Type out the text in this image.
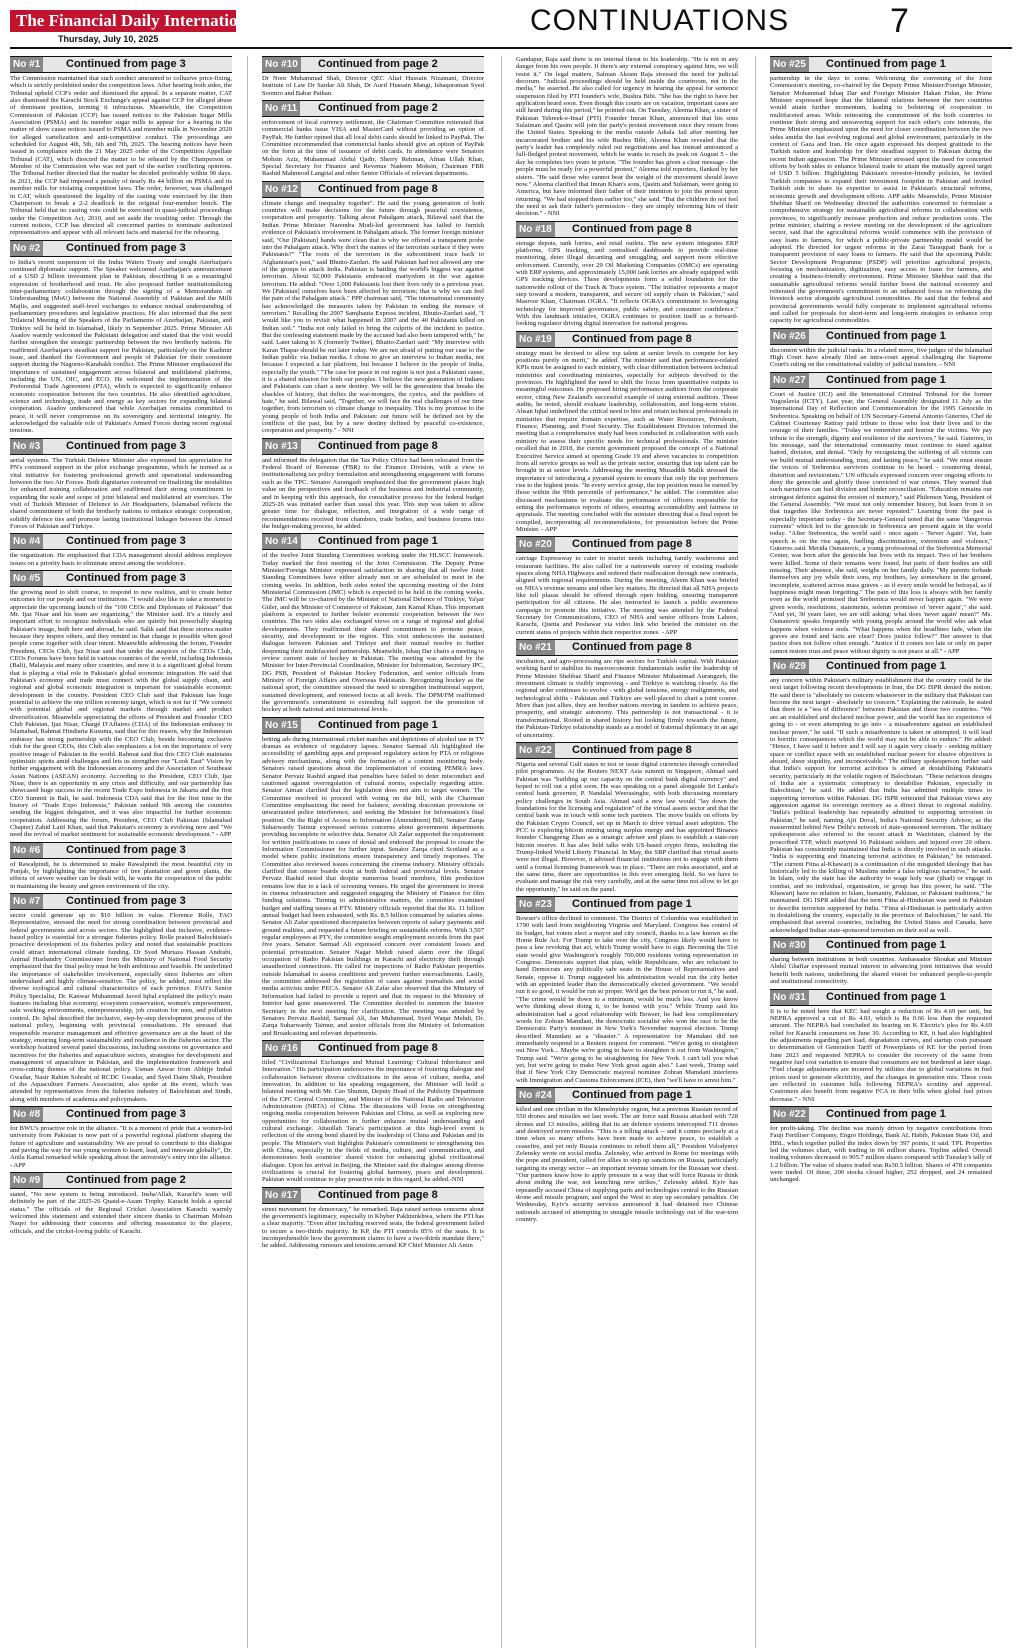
The Financial Daily International
Thursday, July 10, 2025
CONTINUATIONS	7
No #1 Continued from page 3
The Commission maintained that such conduct amounted to collusive price-fixing, which is strictly prohibited under the competition laws. After hearing both sides, the Tribunal upheld CCP's order and dismissed the appeal. In a separate matter, CAT also dismissed the Karachi Stock Exchange's appeal against CCP for alleged abuse of dominant position, terming it infructuous. Meanwhile, the Competition Commission of Pakistan (CCP) has issued notices to the Pakistan Sugar Mills Association (PSMA) and its member sugar mills to appear for a hearing in the matter of show cause notices issued to PSMA and member mills in November 2020 for alleged cartelization and anti-competitive conduct. The proceedings are scheduled for August 4th, 5th, 6th and 7th, 2025. The hearing notices have been issued in compliance with the 21 May 2025 order of the Competition Appellate Tribunal (CAT), which directed the matter to be reheard by the Chairperson or Member of the Commission who was not part of the earlier conflicting opinions. The Tribunal further directed that the matter be decided preferably within 90 days. In 2021, the CCP had imposed a penalty of nearly Rs 44 billion on PSMA and its member mills for violating competition laws. The order, however, was challenged in CAT, which questioned the legality of the casting vote exercised by the then Chairperson to break a 2-2 deadlock in the original four-member bench. The Tribunal held that no casting vote could be exercised in quasi-judicial proceedings under the Competition Act, 2010, and set aside the resulting order. Through the current notices, CCP has directed all concerned parties to nominate authorized representatives and appear with all relevant facts and material for the rehearing.
No #2 Continued from page 3
to India's recent suspension of the Indus Waters Treaty and sought Azerbaijan's continued diplomatic support. The Speaker welcomed Azerbaijan's announcement of a USD 2 billion investment plan in Pakistan, describing it as a meaningful expression of brotherhood and trust. He also proposed further institutionalizing inter-parliamentary collaboration through the signing of a Memorandum of Understanding (MoU) between the National Assembly of Pakistan and the Milli Majlis, and suggested staff-level exchanges to enhance mutual understanding of parliamentary procedures and legislative practices. He also informed that the next Trilateral Meeting of the Speakers of the Parliaments of Azerbaijan, Pakistan, and Türkiye will be held in Islamabad, likely in September 2025. Prime Minister Ali Asadov warmly welcomed the Pakistani delegation and stated that the visit would further strengthen the strategic partnership between the two brotherly nations. He reaffirmed Azerbaijan's steadfast support for Pakistan, particularly on the Kashmir issue, and thanked the Government and people of Pakistan for their consistent support during the Nagorno-Karabakh conflict. The Prime Minister emphasized the importance of sustained engagement across bilateral and multilateral platforms, including the UN, OIC, and ECO. He welcomed the implementation of the Preferential Trade Agreement (PTA), which is expected to significantly enhance economic cooperation between the two countries. He also identified agriculture, science and technology, trade and energy as key sectors for expanding bilateral cooperation. Asadov underscored that while Azerbaijan remains committed to peace, it will never compromise on its sovereignty and territorial integrity. He acknowledged the valuable role of Pakistan's Armed Forces during recent regional tensions.
No #3 Continued from page 3
aerial systems. The Turkish Defence Minister also expressed his appreciation for PN's continued support in the pilot exchange programme, which he termed as a vital initiative for fostering professional growth and operational understanding between the two Air Forces. Both dignitaries concurred on finalizing the modalities for enhanced training collaboration and reaffirmed their strong commitment to expanding the scale and scope of joint bilateral and multilateral air exercises. The visit of Turkish Minister of Defence to Air Headquarters, Islamabad reflects the shared commitment of both the brotherly nations to enhance strategic cooperation, solidify defence ties and promote lasting institutional linkages between the Armed Forces of Pakistan and Türkiye.
No #4 Continued from page 3
the organization. He emphasized that CDA management should address employee issues on a priority basis to eliminate unrest among the workforce.
No #5 Continued from page 3
the growing need to shift course, to respond to new realities, and to create better outcomes for our people and our institutions. "I would also like to take a moment to appreciate the upcoming launch of the "100 CEOs and Diplomats of Pakistan" that Mr. Ijaz Nisar and his team are organizing," the Minister said. It's a timely and important effort to recognize individuals who are quietly but powerfully shaping Pakistan's image, both here and abroad, he said. Salik said that these stories matter because they inspire others, and they remind us that change is possible when good people come together with clear intent. Meanwhile addressing the forum, Founder President, CEOs Club, Ijaz Nisar said that under the auspices of the CEOs Club, CEOs Forums have been held in various countries of the world, including Indonesia (Bali), Malaysia and many other countries, and now it is a significant global forum that is playing a vital role in Pakistan's global economic integration. He said that Pakistan's economy and trade must connect with the global supply chain, and regional and global economic integration is important for sustainable economic development in the country. President CEO Club said that Pakistan has huge potential to achieve the one trillion economy target, which is not far if "We connect with potential global and regional markets through market and product diversification. Meanwhile appreciating the efforts of President and Founder CEO Club Pakistan, Ijaz Nisar, Chargé D'Affaires (CDA) of the Indonesian embassy in Islamabad, Rahmat Hindiarta Kusuma, said that for this reason, why the Indonesian embassy has strong partnership with the CEO Club, beside becoming exclusive club for the great CEOs, this Club also emphasizes a lot on the importance of very positive image of Pakistan in the world. Rahmat said that this CEO Club maintains optimistic spirits amid challenges and lets us strengthen our "Look East" Vision by further engagement with the Indonesian economy and the Association of Southeast Asian Nations (ASEAN) economy. According to the President, CEO Club, Ijaz Nisar, there is an opportunity in any crisis and difficulty, and our partnership has showcased huge success in the recent Trade Expo Indonesia in Jakarta and the first CEO Summit in Bali, he said. Indonesia CDA said that for the first time in the history of "Trade Expo Indonesia," Pakistan ranked 9th among the countries sending the biggest delegation, and it was also impactful for further economic cooperation. Addressing the forum, President, CEO Club Pakistan (Islamabad Chapter) Zahid Latif Khan, said that Pakistan's economy is evolving now and "We need the revival of market sentiment for sustainable economic development." - APP
No #6 Continued from page 3
of Rawalpindi, he is determined to make Rawalpindi the most beautiful city in Punjab, by highlighting the importance of tree plantation and green plants, the effects of severe weather can be dealt with, he wants the cooperation of the public in maintaining the beauty and green environment of the city.
No #7 Continued from page 3
sector could generate up to $10 billion in value. Florence Rolle, FAO Representative, stressed the need for strong coordination between provincial and federal governments and across sectors. She highlighted that inclusive, evidence-based policy is essential for a stronger fisheries policy. Rolle praised Balochistan's proactive development of its fisheries policy and noted that sustainable practices could attract international climate funding. Dr Syed Murtaza Hassan Andrabi, Animal Husbandry Commissioner from the Ministry of National Food Security emphasized that the final policy must be both ambitious and feasible. He underlined the importance of stakeholder involvement, especially since fisheries are often undervalued and highly climate-sensitive. The policy, he added, must reflect the diverse ecological and cultural characteristics of each province. FAO's Senior Policy Specialist, Dr. Kanwar Muhammad Javed Iqbal explained the policy's main features including blue economy, ecosystem conservation, women's empowerment, safe working environments, entrepreneurship, job creation for men, and pollution control. Dr. Iqbal described the inclusive, step-by-step development process of the national policy, beginning with provincial consultations. He stressed that responsible resource management and effective governance are at the heart of the strategy, ensuring long-term sustainability and resilience in the fisheries sector. The workshop featured several panel discussions, including sessions on governance and incentives for the fisheries and aquaculture sectors, strategies for development and management of aquaculture in Pakistan, and the implementation framework and cross-cutting themes of the national policy. Usman Anwar from Abhijje Imbal Gwadar, Nasir Rahim Sohrabi of RCDC Gwadar, and Syed Daim Shah, President of the Aquaculture Farmers Association, also spoke at the event, which was attended by representatives from the fisheries industry of Balochistan and Sindh, along with members of academia and policymakers.
No #8 Continued from page 3
for BWU's proactive role in the alliance. "It is a moment of pride that a women-led university from Pakistan is now part of a powerful regional platform shaping the future of agriculture and sustainability. We are proud to contribute to this dialogue and paving the way for our young women to learn, lead, and innovate globally", Dr. Anila Kamal remarked while speaking about the university's entry into the alliance. - APP
No #9 Continued from page 2
stated, "No new system is being introduced. Insha'Allah, Karachi's team will definitely be part of the 2025-26 Quaid-e-Azam Trophy. Karachi holds a special status." The officials of the Regional Cricket Association Karachi warmly welcomed this statement and extended their sincere thanks to Chairman Mohsin Naqvi for addressing their concerns and offering reassurance to the players, officials, and the cricket-loving public of Karachi.
No #10 Continued from page 2
Dr Noor Muhammad Shah, Director QEC Altaf Hussain Nizamani, Director Institute of Law Dr Sardar Ali Shah, Dr Aurif Hussain Mangi, Ishaquraman Syed Soomro and Babar Pathan.
No #11 Continued from page 2
enforcement of local currency settlement, the Chairman Committee reiterated that commercial banks issue VISA and MasterCard without providing an option of PayPak. He further opined that all local debit cards should be linked to PayPak. The Committee recommended that commercial banks should give an option of PayPak on the form at the time of issuance of debit cards. In attendance were Senators Mohsin Aziz, Muhammad Abdul Qadir, Sherry Rehman, Afnan Ullah Khan, Special Secretary for Finance and Revenue Nadeem Mohsin, Chairman FBR Rashid Mahmood Langrial and other Senior Officials of relevant departments.
No #12 Continued from page 8
climate change and inequality together". He said the young generation of both countries will make decisions for the future through peaceful coexistence, cooperation and prosperity. Talking about Pahalgam attack, Bilawal said that the Indian Prime Minister Narendra Modi-led government has failed to furnish evidence of Pakistan's involvement in Pahalgam attack. The former foreign minister said, "Our [Pakistan] hands were clean that is why we offered a transparent probe into the Pahalgam attack. Why don't the names of the terrorists surface if they were Pakistanis?" "The roots of the terrorism in the subcontinent trace back to Afghanistan's past," said Bhutto-Zardari. He said Pakistan had not allowed any one of the groups to attack India. Pakistan is battling the world's biggest war against terrorism. About 92,000 Pakistanis embraced martyrdom in the war against terrorism. He added: "Over 1,000 Pakistanis lost their lives only in a previous year. We [Pakistan] ourselves have been affected by terrorism; that is why we can feel the pain of the Pahalgam attack." PPP chairman said, "The international community has acknowledged the measures taken by Pakistan in ending the menace of terrorism." Recalling the 2007 Samjhauta Express incident, Bhutto-Zardari said, "I would like you to revisit what happened in 2007 and the 40 Pakistanis killed on Indian soil." "India not only failed to bring the culprits of the incident to justice. But the confessing statement made by the accused had also been tampered with," he said. Later taking to X (formerly Twitter), Bhutto-Zardari said: "My interview with Karan Thapar should be out later today. We are not afraid of putting our case to the Indian public via Indian media. I chose to give an interview to Indian media, not because I expected a fair platform, but because I believe in the people of India, especially the youth." "The case for peace in our region is not just a Pakistani cause, it is a shared mission for both our peoples. I believe the new generation of Indians and Pakistanis can chart a new destiny. We will be the generation that breaks the shackles of history, that defies the war-mongers, the cynics, and the peddlers of hate," he said. Bilawal said, "Together, we will face the real challenges of our time together, from terrorism to climate change to inequality. This is my promise to the young people of both India and Pakistan: our future will be defined not by the conflicts of the past, but by a new destiny defined by peaceful co-existence, cooperation and prosperity." - NNI
No #13 Continued from page 8
and informed the delegation that the Tax Policy Office had been relocated from the Federal Board of Revenue (FBR) to the Finance Division, with a view to institutionalizing tax policy formulation and strengthening engagement with forums such as the TPC. Senator Aurangzeb emphasized that the government places high value on the perspectives and feedback of the business and industrial community, and in keeping with this approach, the consultative process for the federal budget 2025-26 was initiated earlier than usual this year. This step was taken to allow greater time for dialogue, reflection, and integration of a wide range of recommendations received from chambers, trade bodies, and business forums into the budget-making process, he added.
No #14 Continued from page 1
of the twelve Joint Standing Committees working under the HLSCC framework. Today marked the first meeting of the Joint Commission. The Deputy Prime Minister/Foreign Minister expressed satisfaction in sharing that all twelve Joint Standing Committees have either already met or are scheduled to meet in the coming weeks. In addition, both sides noted the upcoming meeting of the Joint Ministerial Commission (JMC) which is expected to be held in the coming weeks. The JMC will be co-chaired by the Minister of National Defence of Türkiye, Ya'şar Güler, and the Minister of Commerce of Pakistan, Jam Kamal Khan. This important platform is expected to further bolster economic cooperation between the two countries. The two sides also exchanged views on a range of regional and global developments. They reaffirmed their shared commitment to promote peace, security, and development in the region. This visit underscores the sustained dialogue between Pakistan and Türkiye and their mutual resolve to further deepening their multifaceted partnership. Meanwhile, Ishaq Dar chairs a meeting to review current state of hockey in Pakistan. The meeting was attended by the Minister for Inter-Provincial Coordination, Minister for Information, Secretary IPC, DG PSB, President of Pakistan Hockey Federation, and senior officials from Ministry of Foreign Affairs and Overseas Pakistanis. Recognizing hockey as the national sport, the committee stressed the need to strengthen institutional support, sustained development, and renewed focus at all levels. The DPM/FM reaffirmed the government's commitment to extending full support for the promotion of hockey at both national and international levels.
No #15 Continued from page 1
betting ads during international cricket matches and depictions of alcohol use in TV dramas as evidence of regulatory lapses. Senator Sarmad Ali highlighted the accessibility of gambling apps and proposed regulatory action by PTA or religious advisory mechanisms, along with the formation of a content monitoring body. Senators raised questions about the implementation of existing PEMRA laws. Senator Pervaiz Rashid argued that penalties have failed to deter misconduct and cautioned against overregulation of cultural norms, especially regarding attire. Senator Aiman clarified that the legislation does not aim to target women. The Committee resolved to proceed with voting on the bill, with the Chairman Committee emphasizing the need for balance, avoiding draconian provisions or unwarranted police interference, and seeking the Minister for Information's final position. On the Right of Access to Information (Amendment) Bill, Senator Zarqa Suharwardy Taimur expressed serious concerns about government departments providing incomplete or selective data. Senator Ali Zafar supported the requirement for written justifications in cases of denial and endorsed the proposal to create the Information Commissioner for further input. Senator Zarqa cited Scotland as a model where public institutions ensure transparency and timely responses. The Committee also reviewed issues concerning the cinema industry. Ministry officials clarified that censor boards exist at both federal and provincial levels. Senator Pervaiz Rashid noted that despite numerous board members, film production remains low due to a lack of screening venues. He urged the government to invest in cinema infrastructure and suggested engaging the Ministry of Finance for film funding solutions. Turning to administrative matters, the committee examined budget and staffing issues at PTV. Ministry officials reported that the Rs. 11 billion annual budget had been exhausted, with Rs. 8.5 billion consumed by salaries alone. Senator Ali Zafar questioned discrepancies between reports of salary payments and ground realities, and requested a future briefing on sustainable reforms. With 3,507 regular employees at PTV, the committee sought employment records from the past five years. Senator Sarmad Ali expressed concern over consistent losses and potential privatization. Senator Nagar Mehdi raised alarm over the illegal occupation of Radio Pakistan buildings in Karachi and electricity theft through unauthorized connections. He called for inspections of Radio Pakistan properties outside Islamabad to assess conditions and prevent further encroachments. Lastly, the committee addressed the registration of cases against journalists and social media activists under PECA. Senator Ali Zafar also observed that the Ministry of Information had failed to provide a report and that its request to the Ministry of Interior had gone unanswered. The Committee decided to summon the Interior Secretary in the next meeting for clarification. The meeting was attended by Senators Pervaiz Rashid, Sarmad Ali, Jan Muhammad, Syed Waqar Mehdi, Dr. Zarqa Suharwardy Taimur, and senior officials from the Ministry of Information and Broadcasting and relevant departments.
No #16 Continued from page 8
titled "Civilizational Exchanges and Mutual Learning: Cultural Inheritance and Innovation." His participation underscores the importance of fostering dialogue and collaboration between diverse civilizations in the areas of culture, media, and innovation. In addition to his speaking engagement, the Minister will hold a bilateral meeting with Mr. Cao Shumin, Deputy Head of the Publicity Department of the CPC Central Committee, and Minister of the National Radio and Television Administration (NRTA) of China. The discussions will focus on strengthening ongoing media cooperation between Pakistan and China, as well as exploring new opportunities for collaboration to further enhance mutual understanding and cultural exchange. Attaullah Tarar's participation at this high-level event is reflection of the strong bond shared by the leadership of China and Pakistan and its people. The Minister's visit highlights Pakistan's commitment to strengthening ties with China, especially in the fields of media, culture, and communication, and demonstrates both countries' shared vision for enhancing global civilizational dialogue. Upon his arrival in Beijing, the Minister said the dialogue among diverse civilizations is crucial for fostering global harmony, peace and development. Pakistan would continue to play proactive role in this regard, he added.-NNI
No #17 Continued from page 8
street movement for democracy," he remarked. Raja raised serious concerns about the government's legitimacy, especially in Khyber Pakhtunkhwa, where the PTI has a clear majority. "Even after including reserved seats, the federal government failed to secure a two-thirds majority. In KP, the PTI controls 85% of the seats. It is incomprehensible how the government claims to have a two-thirds mandate there," he added. Addressing rumours and tensions around KP Chief Minister Ali Amin
Gandapur, Raja said there is no internal threat to his leadership. "He is not in any danger from his own people. If there's any external conspiracy against him, we will resist it." On legal matters, Salman Akram Raja stressed the need for judicial decorum. "Judicial proceedings should be held inside the courtroom, not in the media," he asserted. He also called for urgency in hearing the appeal for sentence suspension filed by PTI founder's wife, Bushra Bibi. "She has the right to have her application heard soon. Even though this courts are on vacation, important cases are still heard during this period," he pointed out. On Tuesday, Aleema Khan, a sister of Pakistan Tehreek-e-Insaf (PTI) Founder Imran Khan, announced that his sons Sulaiman and Qasim will join the party's protest movement once they return from the United States. Speaking to the media outside Adiala Jail after meeting her incarcerated brother and his wife Bushra Bibi, Aleema Khan revealed that the party's leader has completely ruled out negotiations and has instead announced a full-fledged protest movement, which he wants to reach its peak on August 5 - the day he completes two years in prison. "The founder has given a clear message - the people must be ready for a powerful protest," Aleema told reporters, flanked by her sisters. "He said those who cannot bear the weight of the movement should leave now." Aleema clarified that Imran Khan's sons, Qasim and Sulaiman, were going to America, but have informed their father of their intention to join the protest upon returning. "We had stopped them earlier too," she said. "But the children do not feel the need to ask their father's permission - they are simply informing him of their decision." - NNI
No #18 Continued from page 8
storage depots, tank lorries, and retail outlets. The new system integrates ERP platforms, GPS tracking, and centralised dashboards to provide real-time monitoring, deter illegal decanting and smuggling, and support more effective enforcement. Currently, over 29 Oil Marketing Companies (OMCs) are operating with ERP systems, and approximately 15,000 tank lorries are already equipped with GPS tracking devices. These developments form a solid foundation for the nationwide rollout of the Track & Trace system. "The initiative represents a major step toward a modern, transparent, and secure oil supply chain in Pakistan," said Masroor Khan, Chairman OGRA. "It reflects OGRA's commitment to leveraging technology for improved governance, public safety, and consumer confidence." With this landmark initiative, OGRA continues to position itself as a forward-looking regulator driving digital innovation for national progress.
No #19 Continued from page 8
strategy must be devised to allow top talent at senior levels to compete for key positions purely on merit," he added. The minister said that performance-related KPIs must be assigned to each ministry, with clear differentiation between technical ministries and coordinating ministries, especially for subjects devolved to the provinces. He highlighted the need to shift the focus from quantitative outputs to meaningful outcomes. He proposed hiring performance auditors from the corporate sector, citing New Zealand's successful example of using external auditors. These audits, he noted, should evaluate leadership, collaboration, and long-term vision. Ahsan Iqbal underlined the critical need to hire and retain technical professionals in ministries that require domain expertise, such as Water Resources, Petroleum, Finance, Planning, and Food Security. The Establishment Division informed the meeting that a comprehensive study had been conducted in collaboration with each ministry to assess their specific needs for technical professionals. The minister recalled that in 2018, the current government proposed the concept of a National Executive Service aimed at opening Grade 19 and above vacancies to competition from all service groups as well as the private sector, ensuring that top talent can be brought in at senior levels. Addressing the meeting Musaddik Malik stressed the importance of introducing a pyramid system to ensure that only the top performers rise to the highest posts. "In every service group, the top position must be earned by those within the 99th percentile of performance," he added. The committee also discussed mechanisms to evaluate the performance of officers responsible for setting the performance reports of others, ensuring accountability and fairness in appraisals. The meeting concluded with the minister directing that a final report be compiled, incorporating all recommendations, for presentation before the Prime Minister. - APP
No #20 Continued from page 8
carriage Expressway to cater to tourist needs including family washrooms and restaurant facilities. He also called for a nationwide survey of existing roadside spaces along NHA Highways and ordered their reallocation through new contracts, aligned with regional requirements. During the meeting, Aleem Khan was briefed on NHA's revenue streams and other key matters. He directed that all NHA projects like toll plazas should be offered through open bidding, ensuring transparent participation for all citizens. He also instructed to launch a public awareness campaign to promote this initiative. The meeting was attended by the Federal Secretary for Communications, CEO of NHA and senior officers from Lahore, Karachi, Quetta and Peshawar via video link who briefed the minister on the current status of projects within their respective zones. - APP
No #21 Continued from page 8
incubation, and agro-processing are ripe sectors for Turkish capital. With Pakistan working hard to stabilize its macroeconomic fundamentals under the leadership of Prime Minister Shehbaz Sharif and Finance Minister Muhammad Aurangzeb, the investment climate is visibly improving - and Türkiye is watching closely. As the regional order continues to evolve - with global tensions, energy realignments, and technological shifts - Pakistan and Türkiye are well-placed to chart a joint course. More than just allies, they are brother nations moving in tandem to achieve peace, prosperity, and strategic autonomy. This partnership is not transactional - it is transformational. Rooted in shared history but looking firmly towards the future, the Pakistan-Türkiye relationship stands as a model of fraternal diplomacy in an age of uncertainty.
No #22 Continued from page 8
Nigeria and several Gulf states to test or issue digital currencies through controlled pilot programmes. At the Reuters NEXT Asia summit in Singapore, Ahmad said Pakistan was "building up our capacity on the central bank digital currency" and hoped to roll out a pilot soon. He was speaking on a panel alongside Sri Lanka's central bank governor, P. Nandalal Weerasinghe, with both discussing monetary policy challenges in South Asia. Ahmad said a new law would "lay down the foundations for the licensing and regulation" of the virtual assets sector and that the central bank was in touch with some tech partners. The move builds on efforts by the Pakistan Crypto Council, set up in March to drive virtual asset adoption. The PCC is exploring bitcoin mining using surplus energy and has appointed Binance founder Changpeng Zhao as a strategic adviser and plans to establish a state-run bitcoin reserve. It has also held talks with US-based crypto firms, including the Trump-linked World Liberty Financial. In May, the SBP clarified that virtual assets were not illegal. However, it advised financial institutions not to engage with them until a formal licensing framework was in place. "There are risks associated, and at the same time, there are opportunities in this ever emerging field. So we have to evaluate and manage the risk very carefully, and at the same time not allow to let go the opportunity," he said on the panel.
No #23 Continued from page 1
Bowser's office declined to comment. The District of Columbia was established in 1790 with land from neighboring Virginia and Maryland. Congress has control of its budget, but voters elect a mayor and city council, thanks to a law known as the Home Rule Act. For Trump to take over the city, Congress likely would have to pass a law revoking that act, which Trump would have to sign. Becoming the 51st state would give Washington's roughly 700,000 residents voting representation in Congress. Democrats support that plan, while Republicans, who are reluctant to hand Democrats any politically safe seats in the House of Representatives and Senate, oppose it. Trump suggested his administration would run the city better with an appointed leader than the democratically elected government. "We would run it so good, it would be run so proper. We'd get the best person to run it," he said. "The crime would be down to a minimum, would be much less. And you know we're thinking about doing it, to be honest with you." While Trump said his administration had a good relationship with Bowser, he had less complimentary words for Zohran Mamdani, the democratic socialist who won the race to be the Democratic Party's nominee in New York's November mayoral election. Trump described Mamdani as a "disaster." A representative for Mamdani did not immediately respond to a Reuters request for comment. "We're going to straighten out New York... Maybe we're going to have to straighten it out from Washington," Trump said. "We're going to be straightening for New York. I can't tell you what yet, but we're going to make New York great again also." Last week, Trump said that if New York City Democratic mayoral nominee Zohran Mamdani interferes with Immigration and Customs Enforcement (ICE), then "we'll have to arrest him."
No #24 Continued from page 1
killed and one civilian in the Khmelnytsky region, but a previous Russian record of 550 drones and missiles set last week. The air force said Russia attacked with 728 drones and 13 missiles, adding that its air defence systems intercepted 711 drones and destroyed seven missiles. "This is a telling attack -- and it comes precisely at a time when so many efforts have been made to achieve peace, to establish a ceasefire, and yet only Russia continues to rebuff them all," President Volodymyr Zelensky wrote on social media. Zelensky, who arrived in Rome for meetings with the pope and president, called for allies to step up sanctions on Russia, particularly targeting its energy sector -- an important revenue stream for the Russian war chest. "Our partners know how to apply pressure in a way that will force Russia to think about ending the war, not launching new strikes," Zelensky added. Kyiv has repeatedly accused China of supplying parts and technologies central to the Russian drone and missile program, and urged the West to step up secondary penalties. On Wednesday, Kyiv's security services announced it had detained two Chinese nationals accused of attempting to smuggle missile technology out of the war-torn country.
No #25 Continued from page 1
partnership in the days to come. Welcoming the convening of the Joint Commission's meeting, co-chaired by the Deputy Prime Minister/Foreign Minister, Senator Mohammad Ishaq Dar and Foreign Minister Hakan Fidan, the Prime Minister expressed hope that the bilateral relations between the two countries would attain further momentum, leading to bolstering of cooperation in multifaceted areas. While reiterating the commitment of the both countries to continue their strong and unwavering support for each other's core interests, the Prime Minister emphasized upon the need for closer coordination between the two sides amidst the fast evolving regional and global environment, particularly in the context of Gaza and Iran. He once again expressed his deepest gratitude to the Turkish nation and leadership for their steadfast support to Pakistan during the recent Indian aggression. The Prime Minister stressed upon the need for concerted efforts by both sides to enhance bilateral trade to attain the mutually agreed target of USD 5 billion. Highlighting Pakistan's investor-friendly policies, he invited Turkish companies to expand their investment footprint in Pakistan and invited Turkish side to share its expertise to assist in Pakistan's structural reforms, economic growth and development efforts. APP adds: Meanwhile, Prime Minister Shehbaz Sharif on Wednesday directed the authorities concerned to formulate a comprehensive strategy for sustainable agricultural reforms in collaboration with provinces, to significantly increase production and reduce production costs. The prime minister, chairing a review meeting on the development of the agriculture sector, said that the agricultural reforms would commence with the provision of easy loans to farmers, for which a public-private partnership model would be adopted. He directed for urgent reforms in the Zarai Taraqqiati Bank for a transparent provision of easy loans to farmers. He said that the upcoming Public Sector Development Programme (PSDP) will prioritize agricultural projects, focusing on mechanization, digitization, easy access to loans for farmers, and creating a business-friendly environment. Prime Minister Shehbaz said that the sustainable agricultural reforms would further boost the national economy and reiterated the government's commitment to an enhanced focus on reforming the livestock sector alongside agricultural commodities. He said that the federal and provincial governments would fully cooperate to implement agricultural reforms and called for proposals for short-term and long-term strategies to enhance crop capacity for agricultural commodities.
No #26 Continued from page 1
discontent within the judicial ranks. In a related move, five judges of the Islamabad High Court have already filed an intra-court appeal challenging the Supreme Court's ruling on the constitutional validity of judicial transfers. - NNI
No #27 Continued from page 1
Court of Justice (ICJ) and the International Criminal Tribunal for the former Yugoslavia (ICTY). Last year, the General Assembly designated 11 July as the International Day of Reflection and Commemoration for the 1995 Genocide in Srebrenica. Speaking on behalf of UN Secretary-General Antonio Guterres, Chef de Cabinet Courtenay Rattray paid tribute to those who lost their lives and to the courage of their families. "Today we remember and honour the victims. We pay tribute to the strength, dignity and resilience of the survivors," he said. Guterres, in his message, said the international community must continue to stand against hatred, division, and denial. "Only by recognizing the suffering of all victims can we build mutual understanding, trust, and lasting peace," he said. "We must ensure the voices of Srebrenica survivors continue to be heard - countering denial, distortion and revisionism." UN officials expressed concern over ongoing efforts to deny the genocide and glorify those convicted of war crimes. They warned that such narratives can fuel division and hinder reconciliation. "Education remains our strongest defence against the erosion of memory," said Philemon Yang, President of the General Assembly. "We must not only remember history, but learn from it so that tragedies like Srebrenica are never repeated." Learning from the past is especially important today - the Secretary-General noted that the same "dangerous currents" which led to the genocide in Srebrenica are present again in the world today. "After Srebrenica, the world said - once again - 'Never Again'. Yet, hate speech is on the rise again, fuelling discrimination, extremism and violence," Guterres said. Merida Osmanovic, a young professional of the Srebrenica Memorial Center, was born after the genocide but lives with its impact. Two of her brothers were killed. Some of their remains were found, but parts of their bodies are still missing. Their absence, she said, weighs on her family daily. "My parents forbade themselves any joy while their sons, my brothers, lay somewhere in the ground, incomplete, scattered across mass graves - as if every smile would be betrayal, as if happiness might mean forgetting." The pain of this loss is always with her family even as the world promised that Srebrenica would never happen again. "We were given words, resolutions, statements, solemn promises of 'never again'," she said. "And yet, 30 years later, we are still asking: what does 'never again' mean?" Ms. Osmanovic speaks frequently with young people around the world who ask what happens when violence ends. "What happens when the headlines fade, when the graves are found and facts are clear? Does justice follow?" Her answer is that justice does not follow often enough. "Justice if it comes too late or only on paper cannot restore trust and peace without dignity is not peace at all." - APP
No #29 Continued from page 1
any concern within Pakistan's military establishment that the country could be the next target following recent developments in Iran, the DG ISPR denied the notion. He said there is "absolutely no concern whatsoever in the military that Pakistan can become the next target - absolutely no concern." Explaining the rationale, he stated that there is a "sea of difference" between Pakistan and those two countries. "We are an established and declared nuclear power, and the world has no experience of going to - or even attempting to go into - a misadventure against an established nuclear power," he said. "If such a misadventure is taken or attempted, it will lead to horrific consequences which the world may not be able to endure." He added: "Hence, I have said it before and I will say it again very clearly - seeking military space or conflict space with an established nuclear power for elusive objectives is absurd, sheer stupidity, and inconceivable." The military spokesperson further said that India's support for terrorist activities is aimed at destabilising Pakistan's security, particularly in the volatile region of Balochistan. "These nefarious designs of India are a systematic conspiracy to destabilise Pakistan, especially in Balochistan," he said. He added that India has admitted multiple times to supporting terrorism within Pakistan. DG ISPR reiterated that Pakistan views any aggression against its sovereign territory as a direct threat to regional stability. "India's political leadership has repeatedly admitted to supporting terrorism in Pakistan," he said, naming Ajit Doval, India's National Security Advisor, as the mastermind behind New Delhi's network of state-sponsored terrorism. The military spokesperson also referred to the recent attack in Waziristan, claimed by the proscribed TTP, which martyred 16 Pakistani soldiers and injured over 20 others. Pakistan has consistently maintained that India is directly involved in such attacks. "India is supporting and financing terrorist activities in Pakistan," he reiterated. "The current Fitna al-Khawarij is a continuation of the misguided ideology that has historically led to the killing of Muslims under a false religious narrative," he said. In Islam, only the state has the authority to wage holy war (jihad) or engage in combat, and no individual, organisation, or group has this power, he said. "The Khawarij have no relation to Islam, humanity, Pakistan, or Pakistani traditions," he maintained. DG ISPR added that the term Fitna al-Hindustan was used in Pakistan to describe terrorists supported by India. "Fitna al-Hindustan is particularly active in destabilising the country, especially in the province of Balochistan," he said. He emphasised that several countries, including the United States and Canada, have acknowledged Indian state-sponsored terrorism on their soil as well.
No #30 Continued from page 1
sharing between institutions in both countries. Ambassador Shoukat and Minister Abdel Ghaffar expressed mutual interest in advancing joint initiatives that would benefit both nations, underlining the shared vision for enhanced people-to-people and institutional connectivity.
No #31 Continued from page 1
It is to be noted here that KEC had sought a reduction of Rs 4.69 per unit, but NEPRA approved a cut of Rs 4.03, which is Rs 0.66 less than the requested amount. The NEPRA had concluded its hearing on K Electric's plea for Rs 4.69 relief for Karachi consumers on June 30. According to KE, it had also highlighted the adjustments regarding part load, degradation curves, and startup costs pursuant to determination of Generation Tariff of Powerplants of KE for the period from June 2023 and requested NEPRA to consider the recovery of the same from negative fuel cost variation to ensure that consumers are not burdened at later stage. "Fuel charge adjustments are incurred by utilities due to global variations in fuel prices used to generate electricity, and the changes in generation mix. These costs are reflected in customer bills following NEPRA's scrutiny and approval. Customers also benefit from negative FCA in their bills when global fuel prices decrease." - NNI
No #22 Continued from page 1
for profit-taking. The decline was mainly driven by negative contributions from Fauji Fertiliser Company, Engro Holdings, Bank AL Habib, Pakistan State Oil, and HBL, which together pulled the index down by 397 points, it said. TPL Properties led the volumes chart, with trading in 66 million shares. Topline added. Overall trading volumes decreased to 905.7 million shares compared with Tuesday's tally of 1.2 billion. The value of shares traded was Rs30.5 billion. Shares of 478 companies were traded. Of these, 200 stocks closed higher, 252 dropped, and 24 remained unchanged.
